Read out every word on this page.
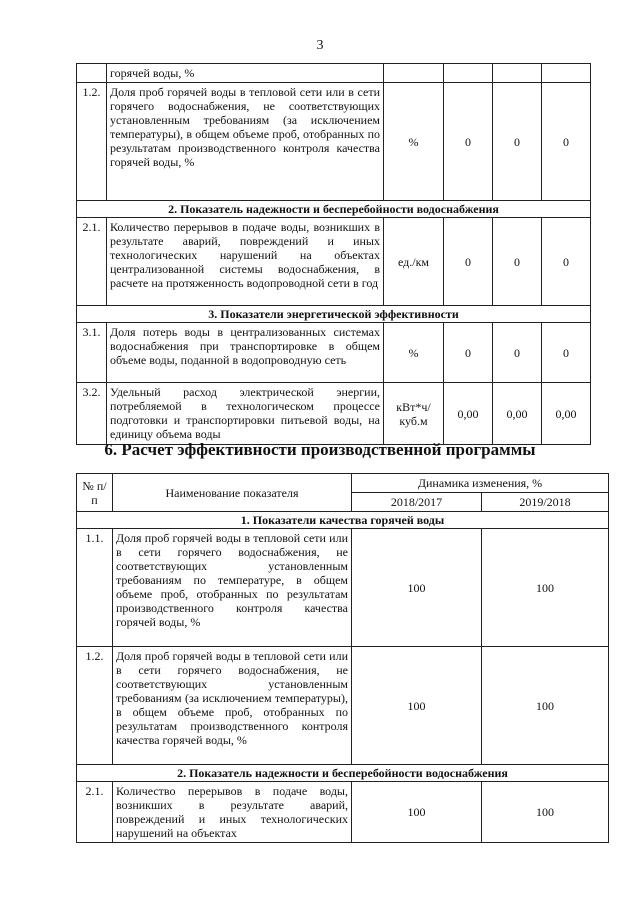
3
	горячей воды, %				
1.2.	Доля проб горячей воды в тепловой сети или в сети горячего водоснабжения, не соответствующих установленным требованиям (за исключением температуры), в общем объеме проб, отобранных по результатам производственного контроля качества горячей воды, %	%	0	0	0
2. Показатель надежности и бесперебойности водоснабжения					
2.1.	Количество перерывов в подаче воды, возникших в результате аварий, повреждений и иных технологических нарушений на объектах централизованной системы водоснабжения, в расчете на протяженность водопроводной сети в год	ед./км	0	0	0
3. Показатели энергетической эффективности					
3.1.	Доля потерь воды в централизованных системах водоснабжения при транспортировке в общем объеме воды, поданной в водопроводную сеть	%	0	0	0
3.2.	Удельный расход электрической энергии, потребляемой в технологическом процессе подготовки и транспортировки питьевой воды, на единицу объема воды	кВт*ч/ куб.м	0,00	0,00	0,00
6. Расчет эффективности производственной программы
№ п/п	Наименование показателя	Динамика изменения, %	
		2018/2017	2019/2018
1. Показатели качества горячей воды			
1.1.	Доля проб горячей воды в тепловой сети или в сети горячего водоснабжения, не соответствующих установленным требованиям по температуре, в общем объеме проб, отобранных по результатам производственного контроля качества горячей воды, %	100	100
1.2.	Доля проб горячей воды в тепловой сети или в сети горячего водоснабжения, не соответствующих установленным требованиям (за исключением температуры), в общем объеме проб, отобранных по результатам производственного контроля качества горячей воды, %	100	100
2. Показатель надежности и бесперебойности водоснабжения			
2.1.	Количество перерывов в подаче воды, возникших в результате аварий, повреждений и иных технологических нарушений на объектах	100	100
